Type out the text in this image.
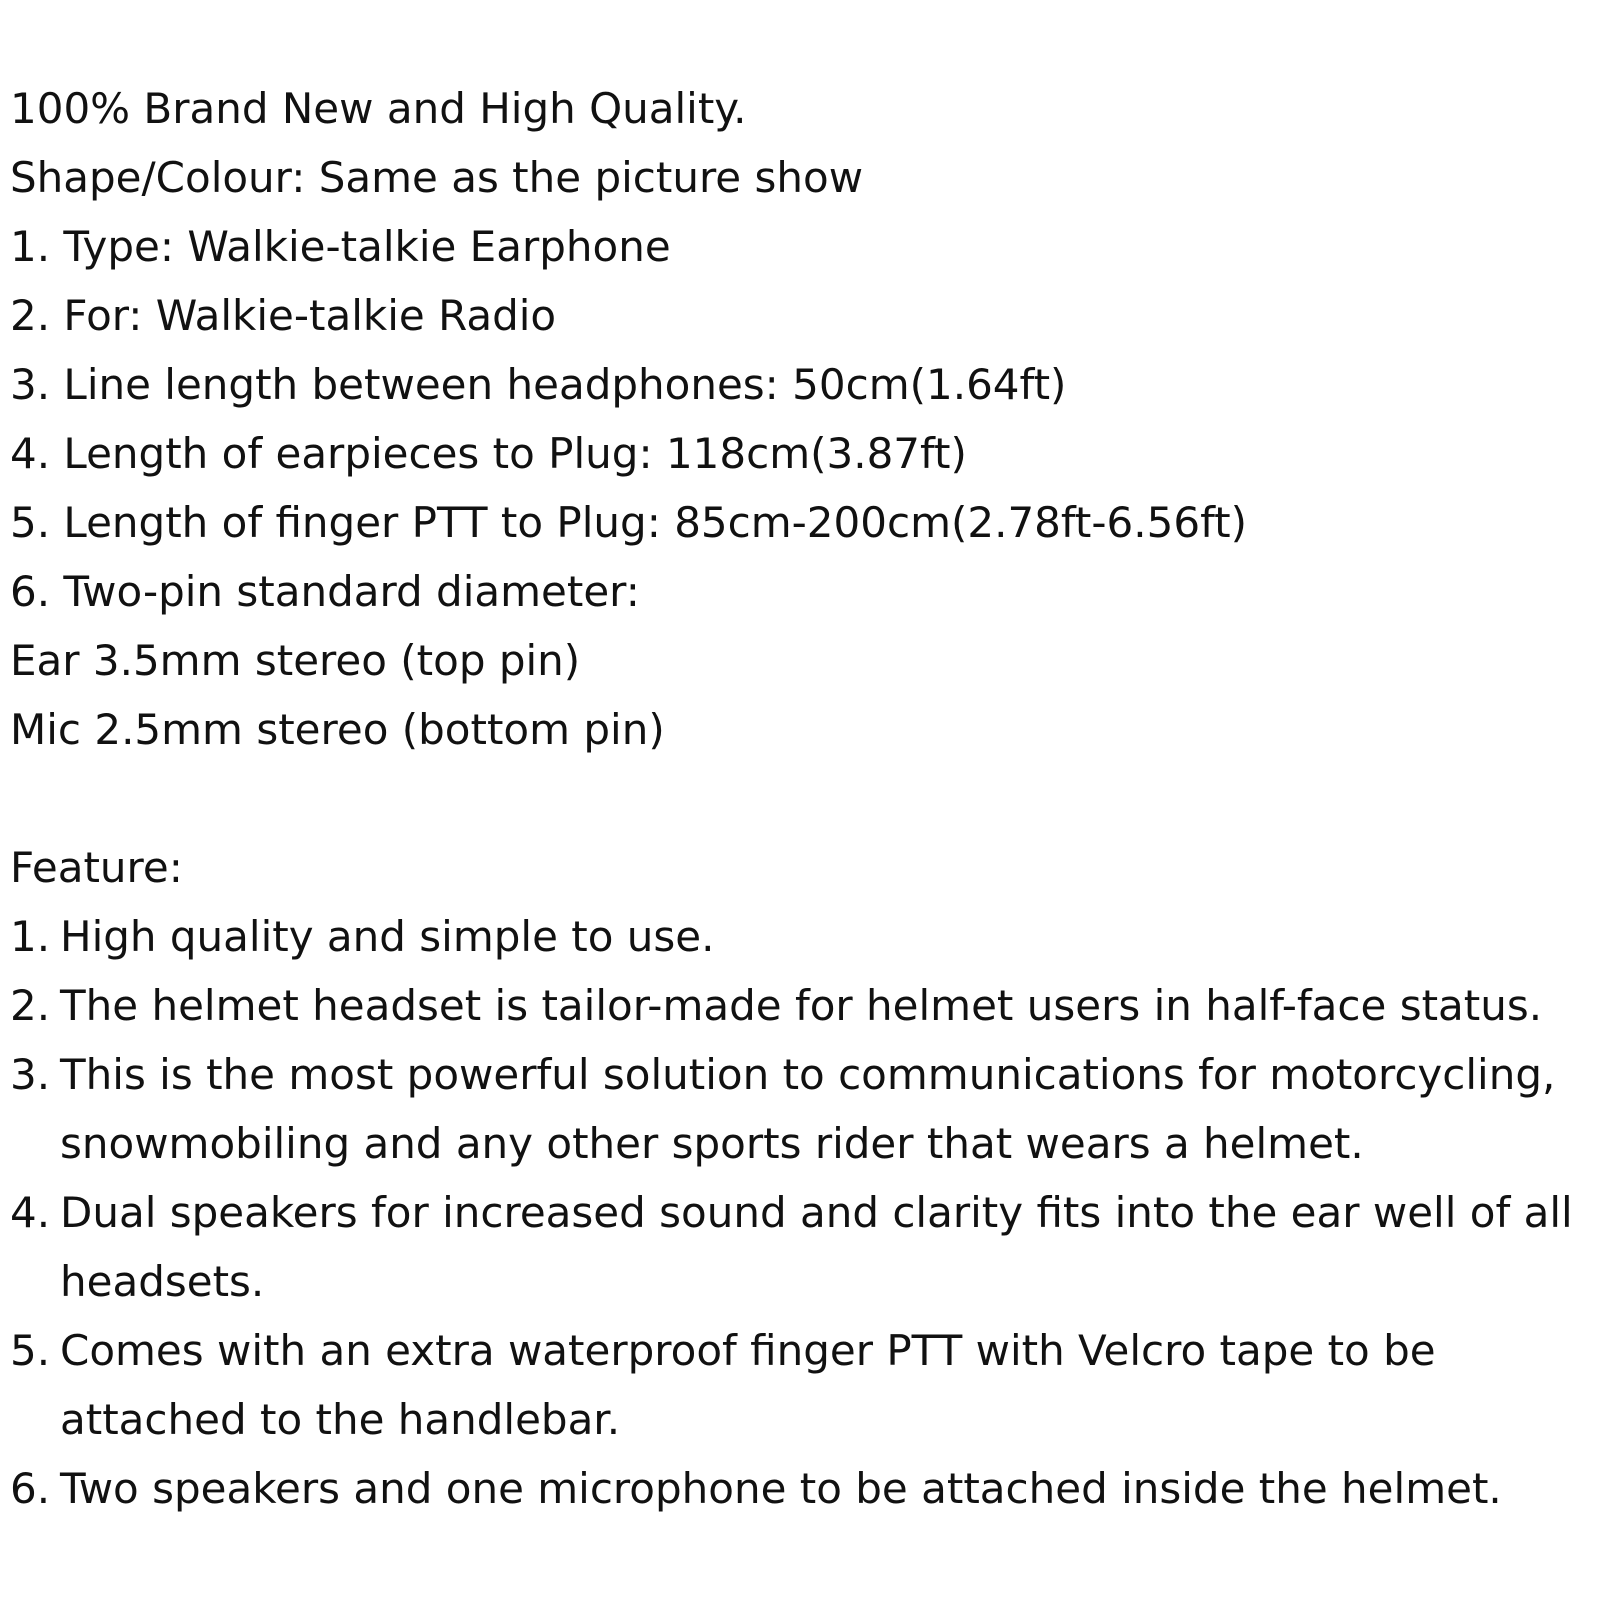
100% Brand New and High Quality.
Shape/Colour: Same as the picture show
1. Type: Walkie-talkie Earphone
2. For: Walkie-talkie Radio
3. Line length between headphones: 50cm(1.64ft)
4. Length of earpieces to Plug: 118cm(3.87ft)
5. Length of finger PTT to Plug: 85cm-200cm(2.78ft-6.56ft)
6. Two-pin standard diameter:
Ear 3.5mm stereo (top pin)
Mic 2.5mm stereo (bottom pin)
Feature:
1. High quality and simple to use.
2. The helmet headset is tailor-made for helmet users in half-face status.
3. This is the most powerful solution to communications for motorcycling, snowmobiling and any other sports rider that wears a helmet.
4. Dual speakers for increased sound and clarity fits into the ear well of all headsets.
5. Comes with an extra waterproof finger PTT with Velcro tape to be attached to the handlebar.
6. Two speakers and one microphone to be attached inside the helmet.
